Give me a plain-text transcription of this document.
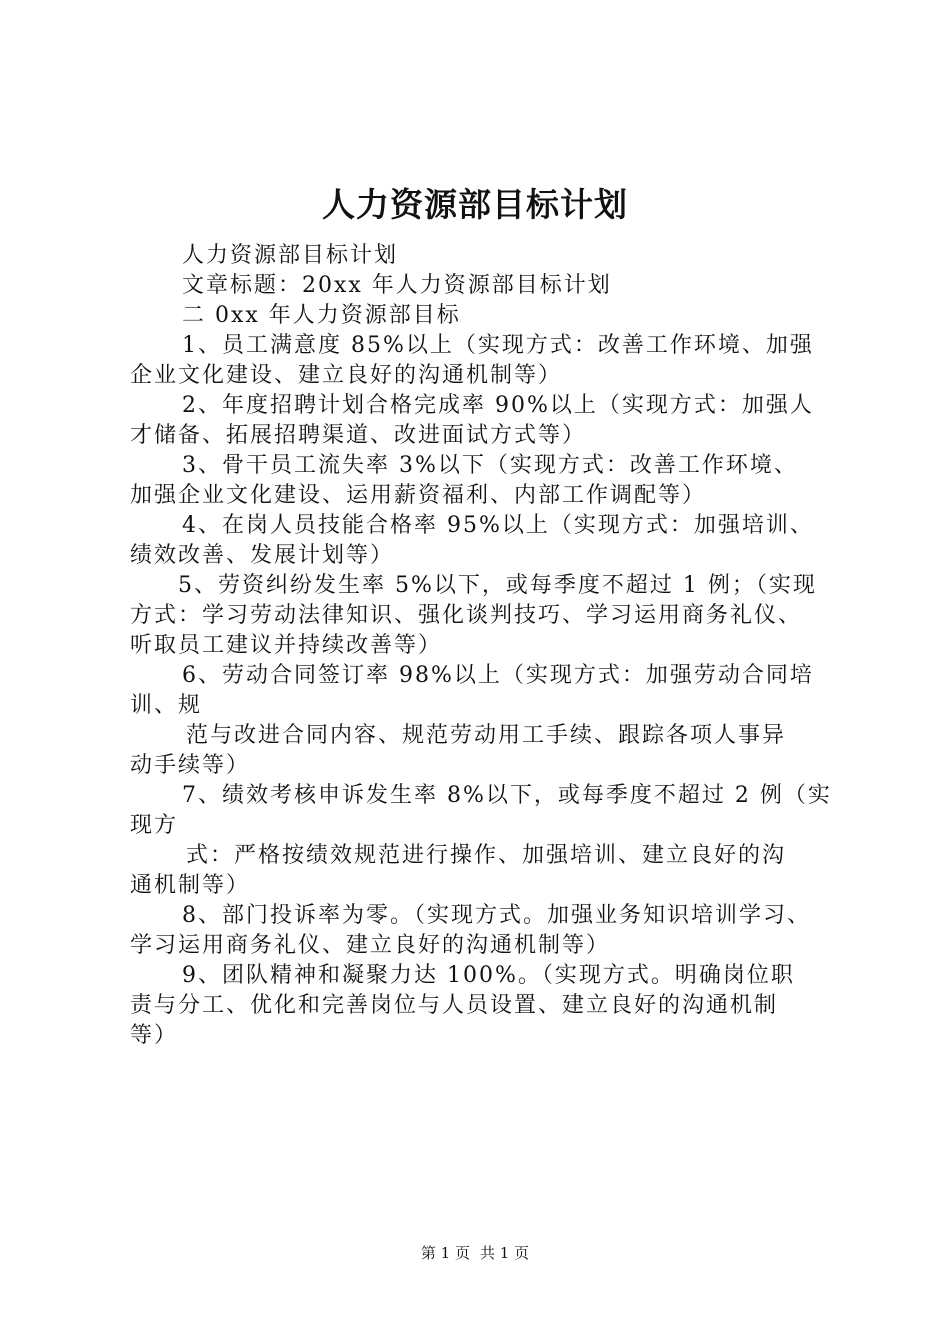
人力资源部目标计划
人力资源部目标计划
文章标题：20xx 年人力资源部目标计划
二 0xx 年人力资源部目标
1、员工满意度 85%以上（实现方式：改善工作环境、加强
企业文化建设、建立良好的沟通机制等）
2、年度招聘计划合格完成率 90%以上（实现方式：加强人
才储备、拓展招聘渠道、改进面试方式等）
3、骨干员工流失率 3%以下（实现方式：改善工作环境、
加强企业文化建设、运用薪资福利、内部工作调配等）
4、在岗人员技能合格率 95%以上（实现方式：加强培训、
绩效改善、发展计划等）
5、劳资纠纷发生率 5%以下，或每季度不超过 1 例；（实现
方式：学习劳动法律知识、强化谈判技巧、学习运用商务礼仪、
听取员工建议并持续改善等）
6、劳动合同签订率 98%以上（实现方式：加强劳动合同培
训、规
范与改进合同内容、规范劳动用工手续、跟踪各项人事异
动手续等）
7、绩效考核申诉发生率 8%以下，或每季度不超过 2 例（实
现方
式：严格按绩效规范进行操作、加强培训、建立良好的沟
通机制等）
8、部门投诉率为零。（实现方式。加强业务知识培训学习、
学习运用商务礼仪、建立良好的沟通机制等）
9、团队精神和凝聚力达 100%。（实现方式。明确岗位职
责与分工、优化和完善岗位与人员设置、建立良好的沟通机制
等）
第 1 页 共 1 页
